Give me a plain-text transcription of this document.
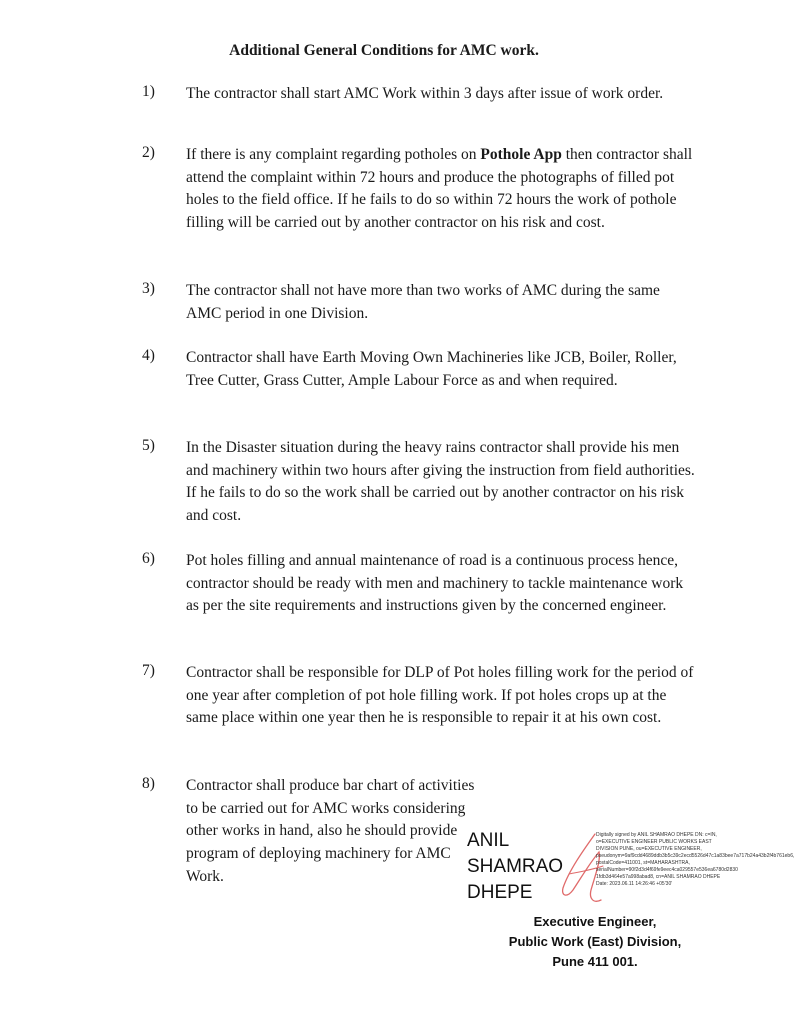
Additional General Conditions for AMC work.
1) The contractor shall start AMC Work within 3 days after issue of work order.
2) If there is any complaint regarding potholes on Pothole App then contractor shall attend the complaint within 72 hours and produce the photographs of filled pot holes to the field office. If he fails to do so within 72 hours the work of pothole filling will be carried out by another contractor on his risk and cost.
3) The contractor shall not have more than two works of AMC during the same AMC period in one Division.
4) Contractor shall have Earth Moving Own Machineries like JCB, Boiler, Roller, Tree Cutter, Grass Cutter, Ample Labour Force as and when required.
5) In the Disaster situation during the heavy rains contractor shall provide his men and machinery within two hours after giving the instruction from field authorities. If he fails to do so the work shall be carried out by another contractor on his risk and cost.
6) Pot holes filling and annual maintenance of road is a continuous process hence, contractor should be ready with men and machinery to tackle maintenance work as per the site requirements and instructions given by the concerned engineer.
7) Contractor shall be responsible for DLP of Pot holes filling work for the period of one year after completion of pot hole filling work. If pot holes crops up at the same place within one year then he is responsible to repair it at his own cost.
8) Contractor shall produce bar chart of activities to be carried out for AMC works considering other works in hand, also he should provide program of deploying machinery for AMC Work.
ANIL
SHAMRAO
DHEPE
Digitally signed by ANIL SHAMRAO DHEPE DN: c=IN, o=EXECUTIVE ENGINEER PUBLIC WORKS EAST DIVISION PUNE, ou=EXECUTIVE ENGINEER, pseudonym=9af9cdd4689ddb3b5c39c2ecd5526d47c1a83bee7a717b24a43b2f4b761eb6, postalCode=411001, st=MAHARASHTRA, serialNumber=90f2d3d4f69fe9eec4ca029557e536ea6780d2830 1fdb3d464e57a998abad8, cn=ANIL SHAMRAO DHEPE Date: 2023.06.11 14:26:46 +05'30'
Executive Engineer,
Public Work (East) Division,
Pune 411 001.
